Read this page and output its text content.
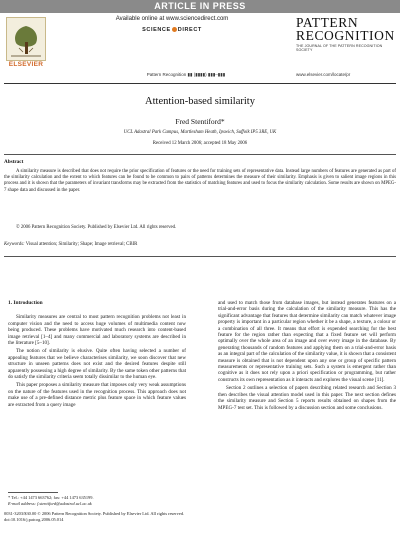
ARTICLE IN PRESS
ELSEVIER
Available online at www.sciencedirect.com
SCIENCE DIRECT
Pattern Recognition ▮▮ (▮▮▮▮) ▮▮▮–▮▮▮
PATTERN
RECOGNITION
THE JOURNAL OF THE PATTERN RECOGNITION SOCIETY
www.elsevier.com/locate/pr
Attention-based similarity
Fred Stentiford*
UCL Adastral Park Campus, Martlesham Heath, Ipswich, Suffolk IP5 3RE, UK
Received 12 March 2006; accepted 18 May 2006
Abstract
A similarity measure is described that does not require the prior specification of features or the need for training sets of representative data. Instead large numbers of features are generated as part of the similarity calculation and the extent to which features can be found to be common to pairs of patterns determines the measure of their similarity. Emphasis is given to salient image regions in this process and it is shown that the parameters of invariant transforms may be extracted from the statistics of matching features and used to focus the similarity calculation. Some results are shown on MPEG-7 shape data and discussed in the paper.
© 2006 Pattern Recognition Society. Published by Elsevier Ltd. All rights reserved.
Keywords: Visual attention; Similarity; Shape; Image retrieval; CBIR
1. Introduction

Similarity measures are central to most pattern recognition problems not least in computer vision and the need to access huge volumes of multimedia content now being produced. These problems have motivated much research into content-based image retrieval [1–4] and many commercial and laboratory systems are described in the literature [5–10].

The notion of similarity is elusive. Quite often having selected a number of appealing features that we believe characterises similarity, we soon discover that new structure in unseen patterns does not exist and the desired features despite still apparently possessing a high degree of similarity. By the same token other patterns that do satisfy the similarity criteria seem totally dissimilar to the human eye.

This paper proposes a similarity measure that imposes only very weak assumptions on the nature of the features used in the recognition process. This approach does not make use of a pre-defined distance metric plus feature space in which feature values are extracted from a query image

and used to match those from database images, but instead generates features on a trial-and-error basis during the calculation of the similarity measure. This has the significant advantage that features that determine similarity can match whatever image property is important in a particular region whether it be a shape, a texture, a colour or a combination of all three. It means that effort is expended searching for the best feature for the region rather than expecting that a fixed feature set will perform optimally over the whole area of an image and over every image in the database. By generating thousands of random features and applying them on a trial-and-error basis as an integral part of the calculation of the similarity value, it is shown that a consistent measure is obtained that is not dependent upon any one or group of specific pattern measurements or representative training sets. Such a system is emergent rather than cognitive as it does not rely upon a priori specification or programming, but rather constructs its own representation as it interacts and explores the visual scene [11].

Section 2 outlines a selection of papers describing related research and Section 3 then describes the visual attention model used in this paper. The next section defines the similarity measure and Section 5 reports results obtained on shapes from the MPEG-7 test set. This is followed by a discussion section and some conclusions.

* Tel.: +44 1473 663762; fax: +44 1473 635199.
E-mail address: f.stentiford@adastral.ucl.ac.uk
0031-3203/$30.00 © 2006 Pattern Recognition Society. Published by Elsevier Ltd. All rights reserved.
doi:10.1016/j.patcog.2006.05.014
